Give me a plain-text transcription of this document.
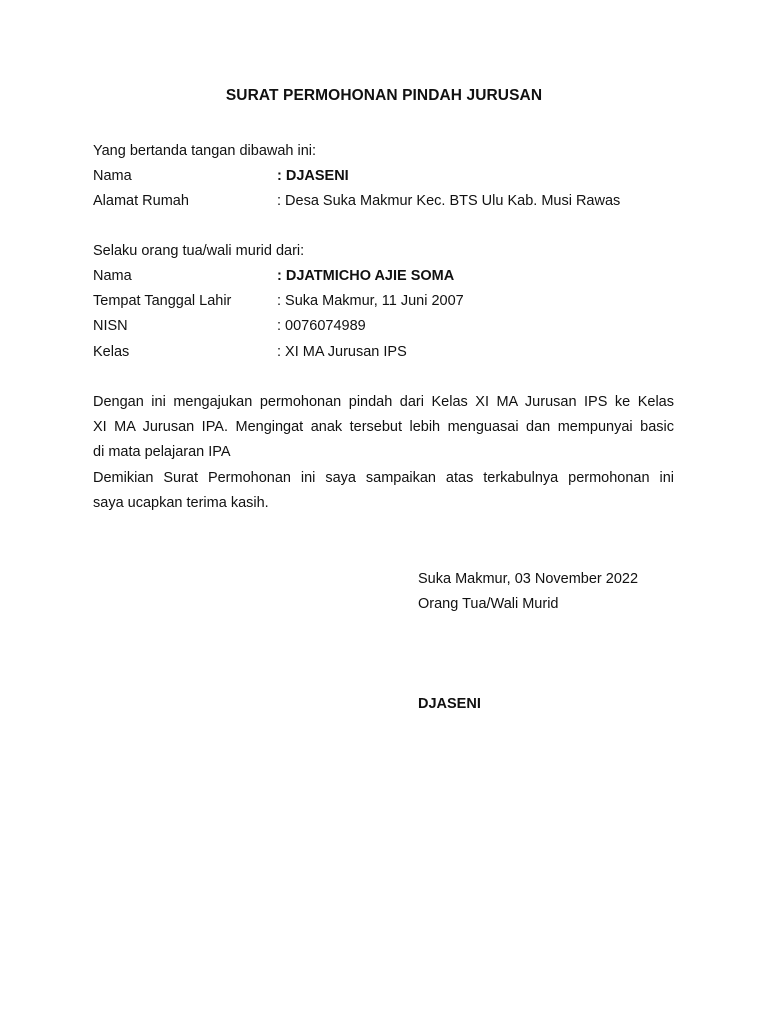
SURAT PERMOHONAN PINDAH JURUSAN
Yang bertanda tangan dibawah ini:
Nama	: DJASENI
Alamat Rumah	: Desa Suka Makmur Kec. BTS Ulu Kab. Musi Rawas
Selaku orang tua/wali murid dari:
Nama	: DJATMICHO AJIE SOMA
Tempat Tanggal Lahir	: Suka Makmur, 11 Juni 2007
NISN	: 0076074989
Kelas	: XI MA Jurusan IPS
Dengan ini mengajukan permohonan pindah dari Kelas XI MA Jurusan IPS ke Kelas
XI MA Jurusan IPA. Mengingat anak tersebut lebih menguasai dan mempunyai basic
di mata pelajaran IPA
Demikian Surat Permohonan ini saya sampaikan atas terkabulnya permohonan ini
saya ucapkan terima kasih.
Suka Makmur, 03 November 2022
Orang Tua/Wali Murid
DJASENI
